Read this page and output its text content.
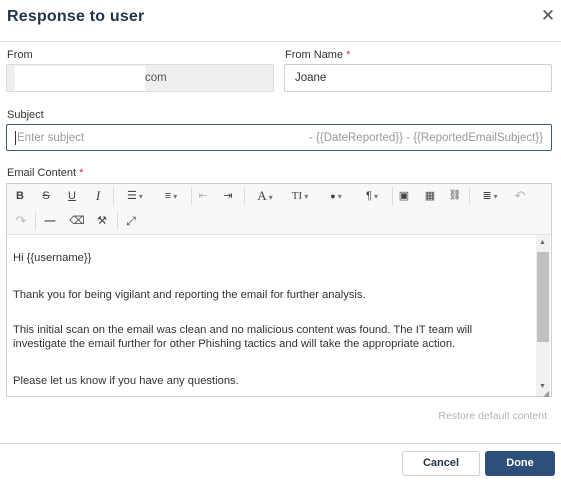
Response to user	✕
From
com
From Name *
Joane
Subject
Enter subject	- {{DateReported}} - {{ReportedEmailSubject}}
Email Content *
B	S	U	I	☰ ▾	≡ ▾	⇤	⇥	A ▾	TI ▾	● ▾	¶ ▾	▣ ▦ ⛓	≣ ▾	↶
↷ — ⌫ ⚒ ⤢

Hi {{username}}

Thank you for being vigilant and reporting the email for further analysis.

This initial scan on the email was clean and no malicious content was found. The IT team will investigate the email further for other Phishing tactics and will take the appropriate action.

Please let us know if you have any questions.

▲
▼
◢
Restore default content
Cancel	Done
